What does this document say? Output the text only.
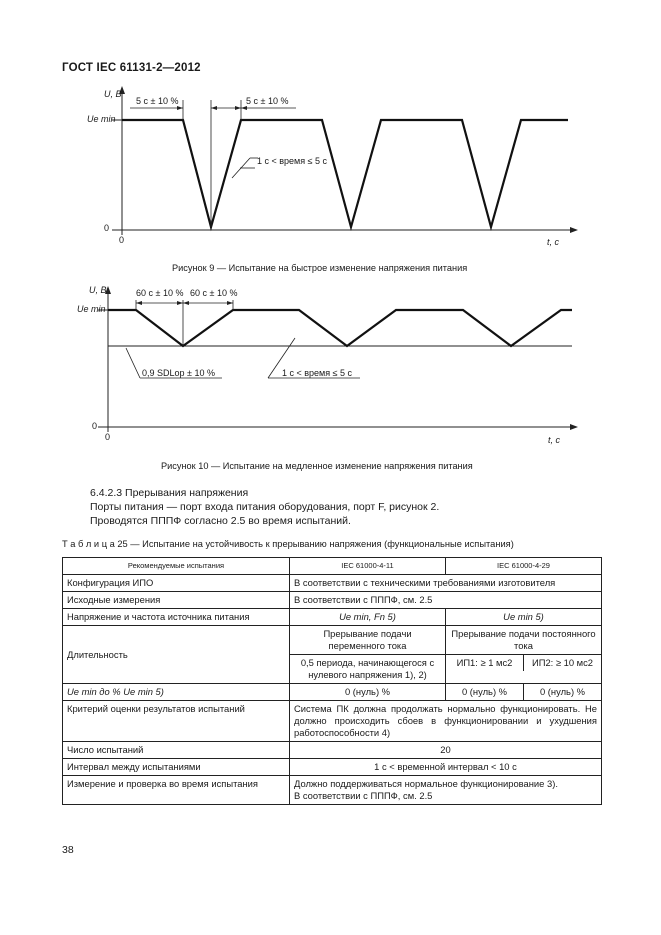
ГОСТ IEC 61131-2—2012
U, B
Ue min
0
0	t, c
5 c ± 10 %	5 c ± 10 %
1 c < время ≤ 5 c
Рисунок 9 — Испытание на быстрое изменение напряжения питания
U, B
Ue min
0
0	t, c
60 c ± 10 % 60 c ± 10 %
0,9 SDLop ± 10 %	1 c < время ≤ 5 c
Рисунок 10 — Испытание на медленное изменение напряжения питания
6.4.2.3 Прерывания напряжения
Порты питания — порт входа питания оборудования, порт F, рисунок 2.
Проводятся ПППФ согласно 2.5 во время испытаний.
Т а б л и ц а 25 — Испытание на устойчивость к прерыванию напряжения (функциональные испытания)
Рекомендуемые испытания	IEC 61000-4-11	IEC 61000-4-29
Конфигурация ИПО	В соответствии с техническими требованиями изготовителя	
Исходные измерения	В соответствии с ПППФ, см. 2.5	
Напряжение и частота источника питания	Ue min, Fn 5)	Ue min 5)
Длительность	Прерывание подачи переменного тока	Прерывание подачи постоянного тока
	0,5 периода, начинающегося с нулевого напряжения 1), 2)	ИП1: ≥ 1 мс2 ИП2: ≥ 10 мс2

Ue min до % Ue min 5)	0 (нуль) %	0 (нуль) % 0 (нуль) %

Критерий оценки результатов испытаний	Система ПК должна продолжать нормально функционировать. Не должно происходить сбоев в функционировании и ухудшения работоспособности 4)	
Число испытаний	20	
Интервал между испытаниями	1 с < временной интервал < 10 с	
Измерение и проверка во время испытания	Должно поддерживаться нормальное функционирование 3).
В соответствии с ПППФ, см. 2.5	
38
